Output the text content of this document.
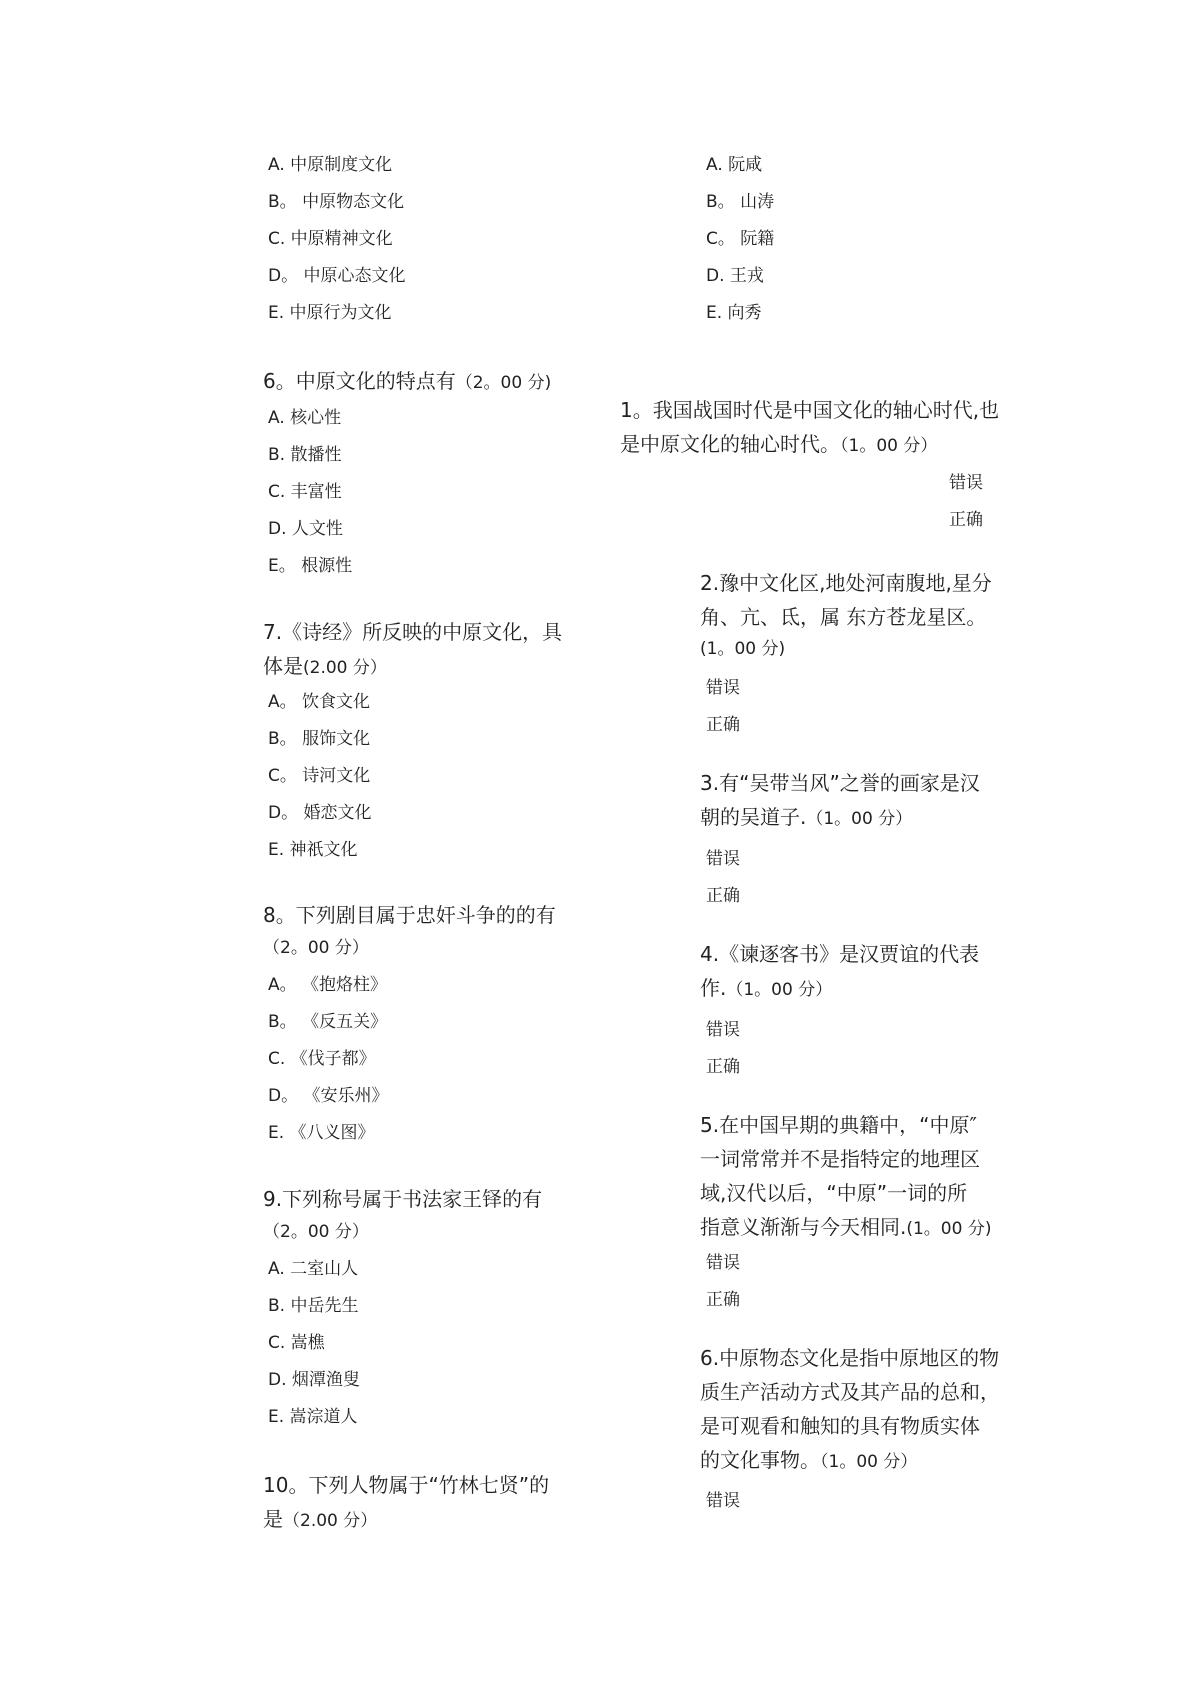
A. 中原制度文化

B。 中原物态文化

C. 中原精神文化

D。 中原心态文化

E. 中原行为文化

6。中原文化的特点有（2。00 分)

A. 核心性

B. 散播性

C. 丰富性

D. 人文性

E。 根源性

7.《诗经》所反映的中原文化，具

体是(2.00 分）

A。 饮食文化

B。 服饰文化

C。 诗河文化

D。 婚恋文化

E. 神祇文化

8。下列剧目属于忠奸斗争的的有

（2。00 分）

A。 《抱烙柱》

B。 《反五关》

C. 《伐子都》

D。 《安乐州》

E. 《八义图》

9.下列称号属于书法家王铎的有

（2。00 分）

A. 二室山人

B. 中岳先生

C. 嵩樵

D. 烟潭渔叟

E. 嵩淙道人

10。下列人物属于“竹林七贤”的

是（2.00 分）

A. 阮咸

B。 山涛

C。 阮籍

D. 王戎

E. 向秀

1。我国战国时代是中国文化的轴心时代,也

是中原文化的轴心时代。（1。00 分）

错误

正确

2.豫中文化区,地处河南腹地,星分

角、亢、氐，属 东方苍龙星区。

(1。00 分)

错误

正确

3.有“吴带当风”之誉的画家是汉

朝的吴道子.（1。00 分）

错误

正确

4.《谏逐客书》是汉贾谊的代表

作.（1。00 分）

错误

正确

5.在中国早期的典籍中，“中原″

一词常常并不是指特定的地理区

域,汉代以后，“中原”一词的所

指意义渐渐与今天相同.(1。00 分)

错误

正确

6.中原物态文化是指中原地区的物

质生产活动方式及其产品的总和，

是可观看和触知的具有物质实体

的文化事物。（1。00 分）

错误
